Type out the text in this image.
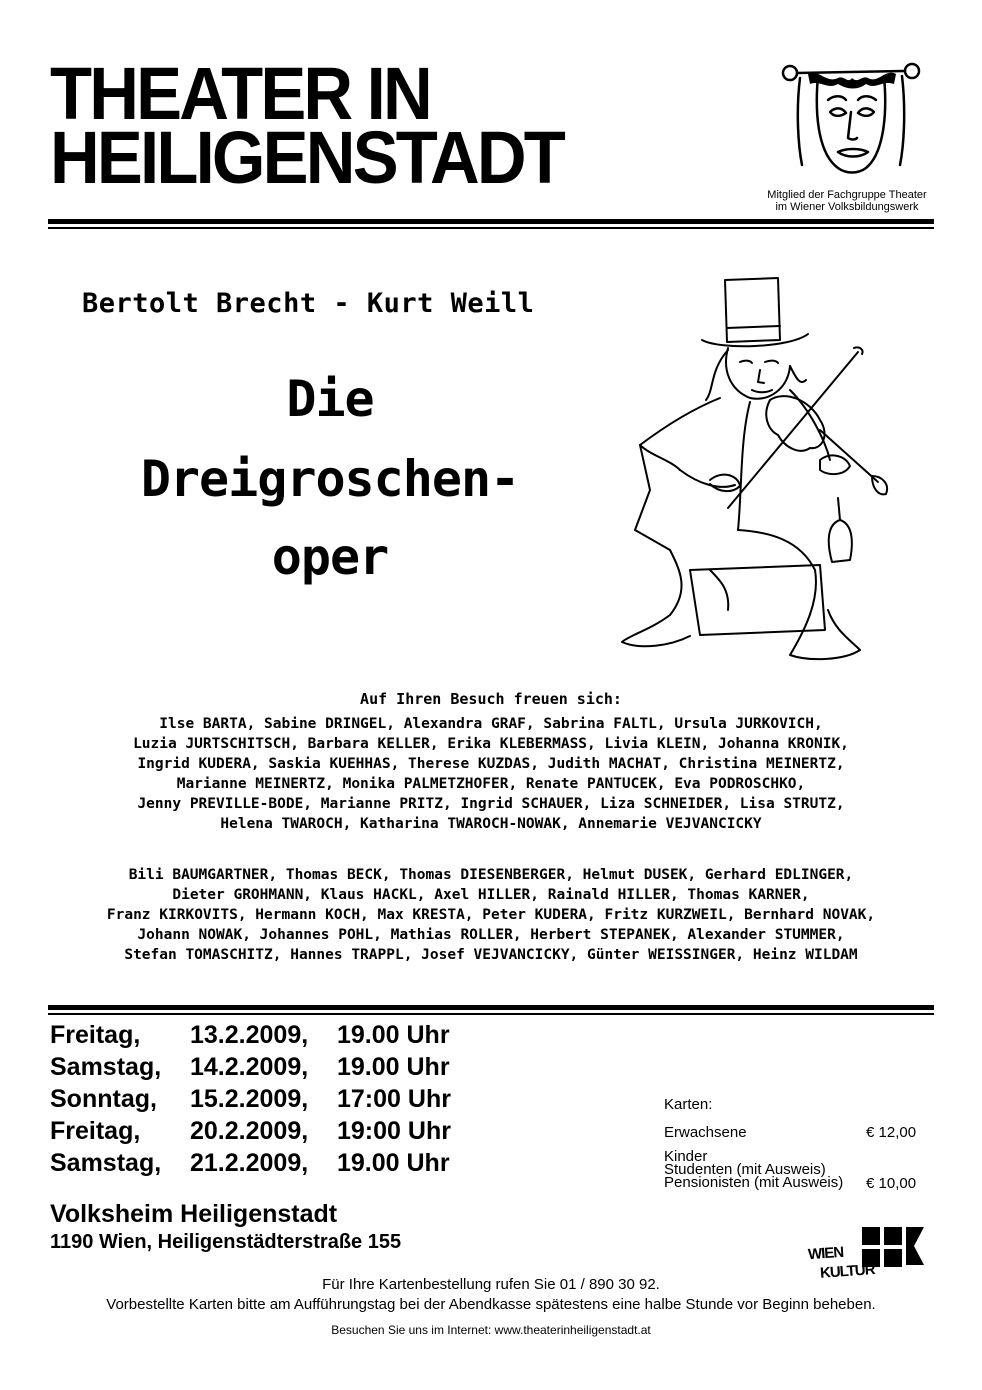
THEATER IN
HEILIGENSTADT	Mitglied der Fachgruppe Theater
im Wiener Volksbildungswerk
Bertolt Brecht - Kurt Weill
Die
Dreigroschen-
oper
Auf Ihren Besuch freuen sich:
Ilse BARTA, Sabine DRINGEL, Alexandra GRAF, Sabrina FALTL, Ursula JURKOVICH,
Luzia JURTSCHITSCH, Barbara KELLER, Erika KLEBERMASS, Livia KLEIN, Johanna KRONIK,
Ingrid KUDERA, Saskia KUEHHAS, Therese KUZDAS, Judith MACHAT, Christina MEINERTZ,
Marianne MEINERTZ, Monika PALMETZHOFER, Renate PANTUCEK, Eva PODROSCHKO,
Jenny PREVILLE-BODE, Marianne PRITZ, Ingrid SCHAUER, Liza SCHNEIDER, Lisa STRUTZ,
Helena TWAROCH, Katharina TWAROCH-NOWAK, Annemarie VEJVANCICKY
Bili BAUMGARTNER, Thomas BECK, Thomas DIESENBERGER, Helmut DUSEK, Gerhard EDLINGER,
Dieter GROHMANN, Klaus HACKL, Axel HILLER, Rainald HILLER, Thomas KARNER,
Franz KIRKOVITS, Hermann KOCH, Max KRESTA, Peter KUDERA, Fritz KURZWEIL, Bernhard NOVAK,
Johann NOWAK, Johannes POHL, Mathias ROLLER, Herbert STEPANEK, Alexander STUMMER,
Stefan TOMASCHITZ, Hannes TRAPPL, Josef VEJVANCICKY, Günter WEISSINGER, Heinz WILDAM
Freitag, 13.2.2009, 19.00 Uhr
Samstag, 14.2.2009, 19.00 Uhr
Sonntag, 15.2.2009, 17:00 Uhr
Freitag, 20.2.2009, 19:00 Uhr
Samstag, 21.2.2009, 19.00 Uhr
Karten:
Erwachsene	€ 12,00
Kinder
Studenten (mit Ausweis)
Pensionisten (mit Ausweis) € 10,00
Volksheim Heiligenstadt
1190 Wien, Heiligenstädterstraße 155
WIEN
KULTUR
Für Ihre Kartenbestellung rufen Sie 01 / 890 30 92.
Vorbestellte Karten bitte am Aufführungstag bei der Abendkasse spätestens eine halbe Stunde vor Beginn beheben.
Besuchen Sie uns im Internet: www.theaterinheiligenstadt.at
